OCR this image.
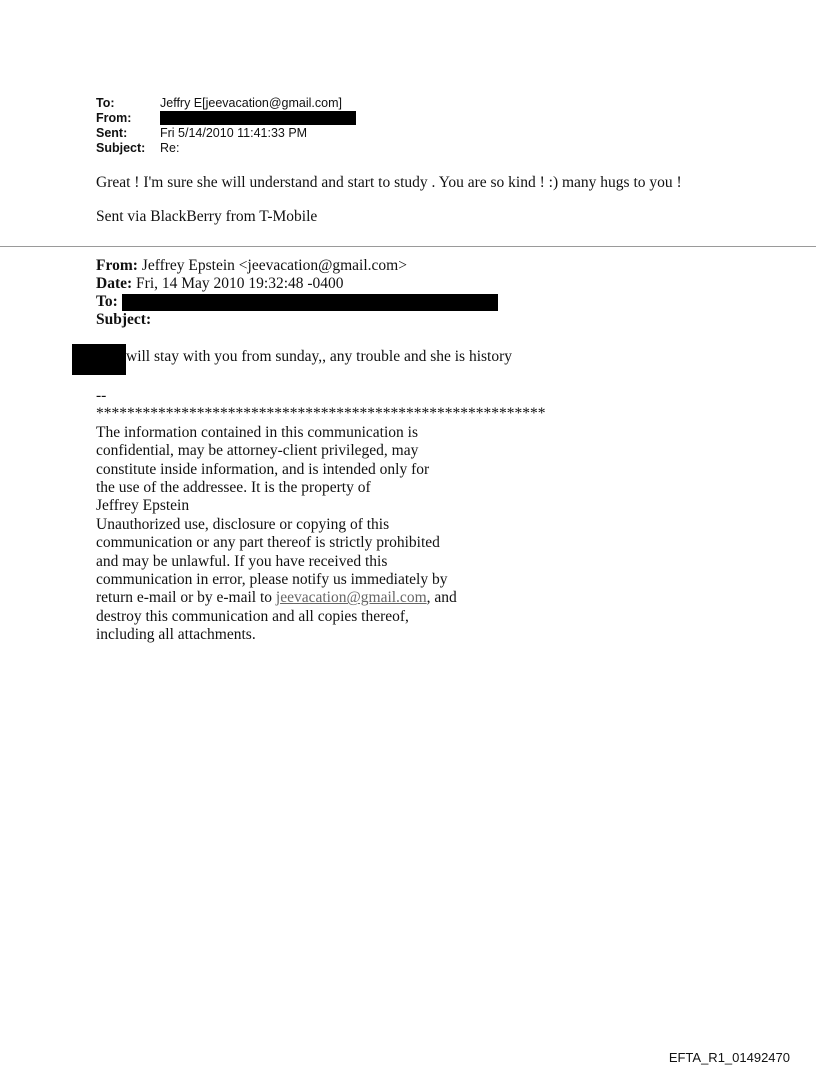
To:	Jeffry E[jeevacation@gmail.com]
From:
Sent:	Fri 5/14/2010 11:41:33 PM
Subject:	Re:
Great ! I'm sure she will understand and start to study . You are so kind ! :) many hugs to you !
Sent via BlackBerry from T-Mobile
From: Jeffrey Epstein <jeevacation@gmail.com>
Date: Fri, 14 May 2010 19:32:48 -0400
To:
Subject:
will stay with you from sunday,, any trouble and she is history
--
**********************************************************
The information contained in this communication is
confidential, may be attorney-client privileged, may
constitute inside information, and is intended only for
the use of the addressee. It is the property of
Jeffrey Epstein
Unauthorized use, disclosure or copying of this
communication or any part thereof is strictly prohibited
and may be unlawful. If you have received this
communication in error, please notify us immediately by
return e-mail or by e-mail to jeevacation@gmail.com, and
destroy this communication and all copies thereof,
including all attachments.
EFTA_R1_01492470
